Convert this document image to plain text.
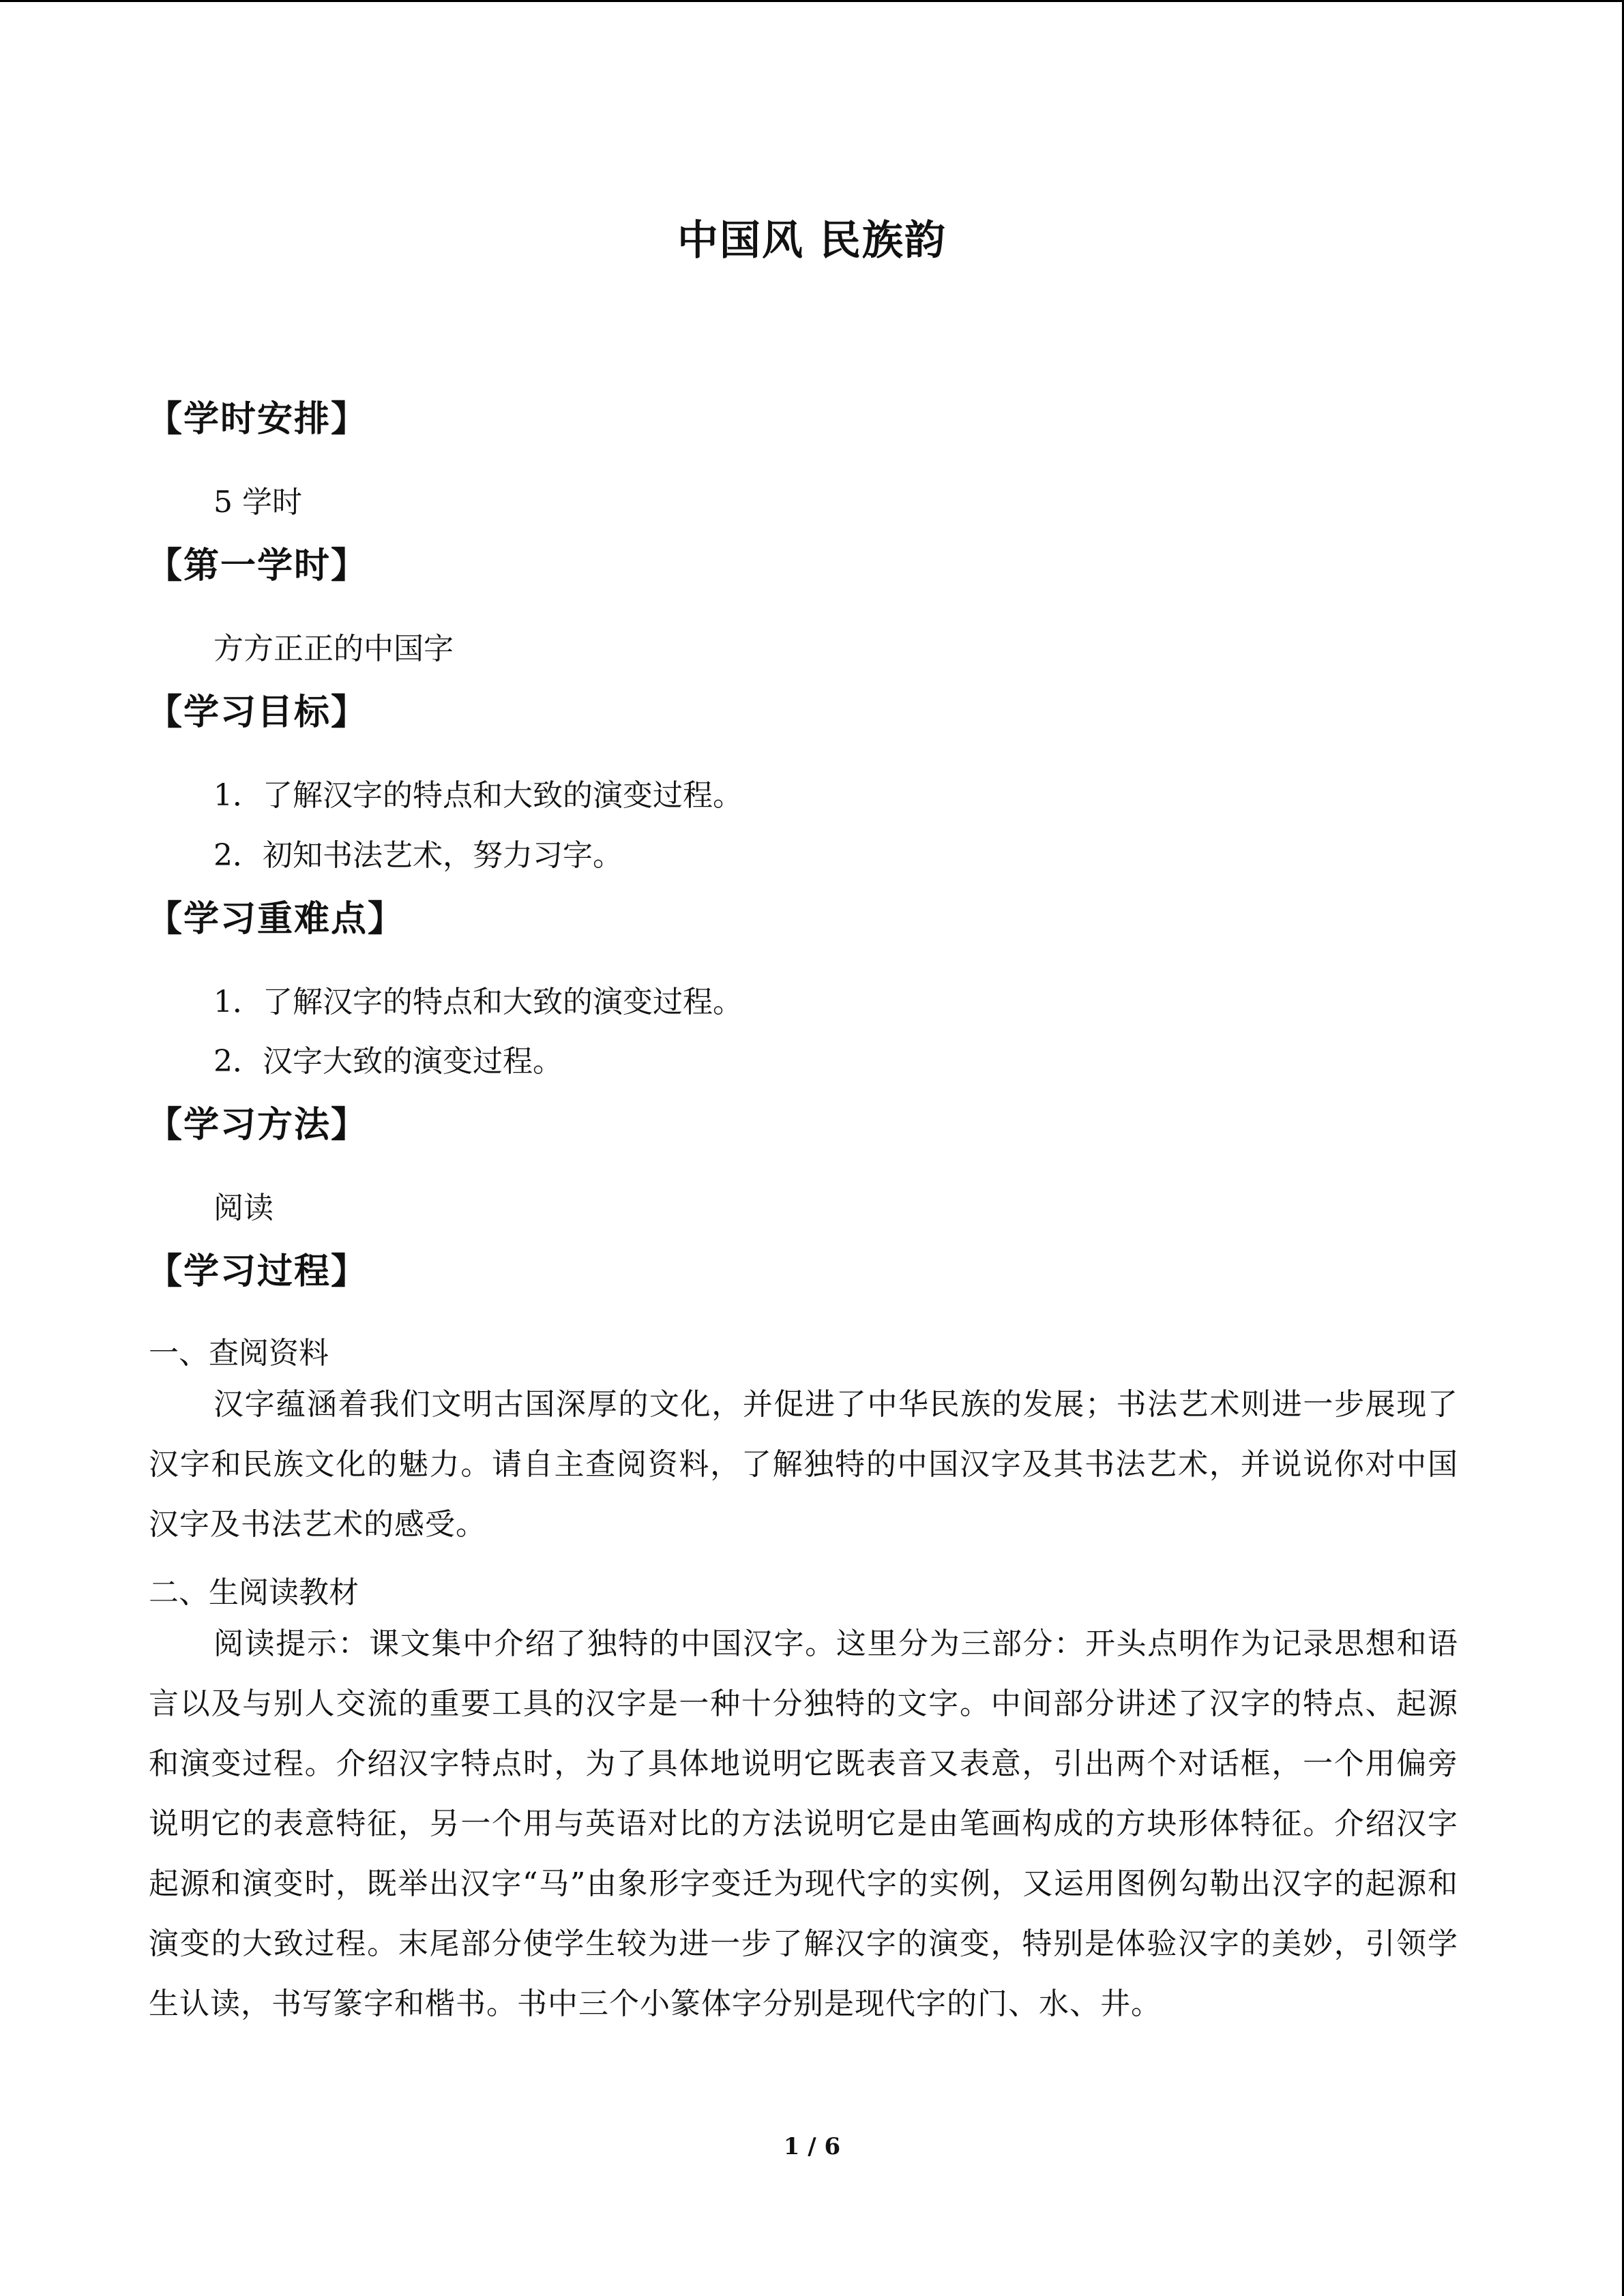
中国风 民族韵
【学时安排】
5 学时
【第一学时】
方方正正的中国字
【学习目标】
1．了解汉字的特点和大致的演变过程。
2．初知书法艺术，努力习字。
【学习重难点】
1．了解汉字的特点和大致的演变过程。
2．汉字大致的演变过程。
【学习方法】
阅读
【学习过程】
一、查阅资料
汉字蕴涵着我们文明古国深厚的文化，并促进了中华民族的发展；书法艺术则进一步展现了汉字和民族文化的魅力。请自主查阅资料，了解独特的中国汉字及其书法艺术，并说说你对中国汉字及书法艺术的感受。
二、生阅读教材
阅读提示：课文集中介绍了独特的中国汉字。这里分为三部分：开头点明作为记录思想和语言以及与别人交流的重要工具的汉字是一种十分独特的文字。中间部分讲述了汉字的特点、起源和演变过程。介绍汉字特点时，为了具体地说明它既表音又表意，引出两个对话框，一个用偏旁说明它的表意特征，另一个用与英语对比的方法说明它是由笔画构成的方块形体特征。介绍汉字起源和演变时，既举出汉字“马”由象形字变迁为现代字的实例，又运用图例勾勒出汉字的起源和演变的大致过程。末尾部分使学生较为进一步了解汉字的演变，特别是体验汉字的美妙，引领学生认读，书写篆字和楷书。书中三个小篆体字分别是现代字的门、水、井。
1 / 6
